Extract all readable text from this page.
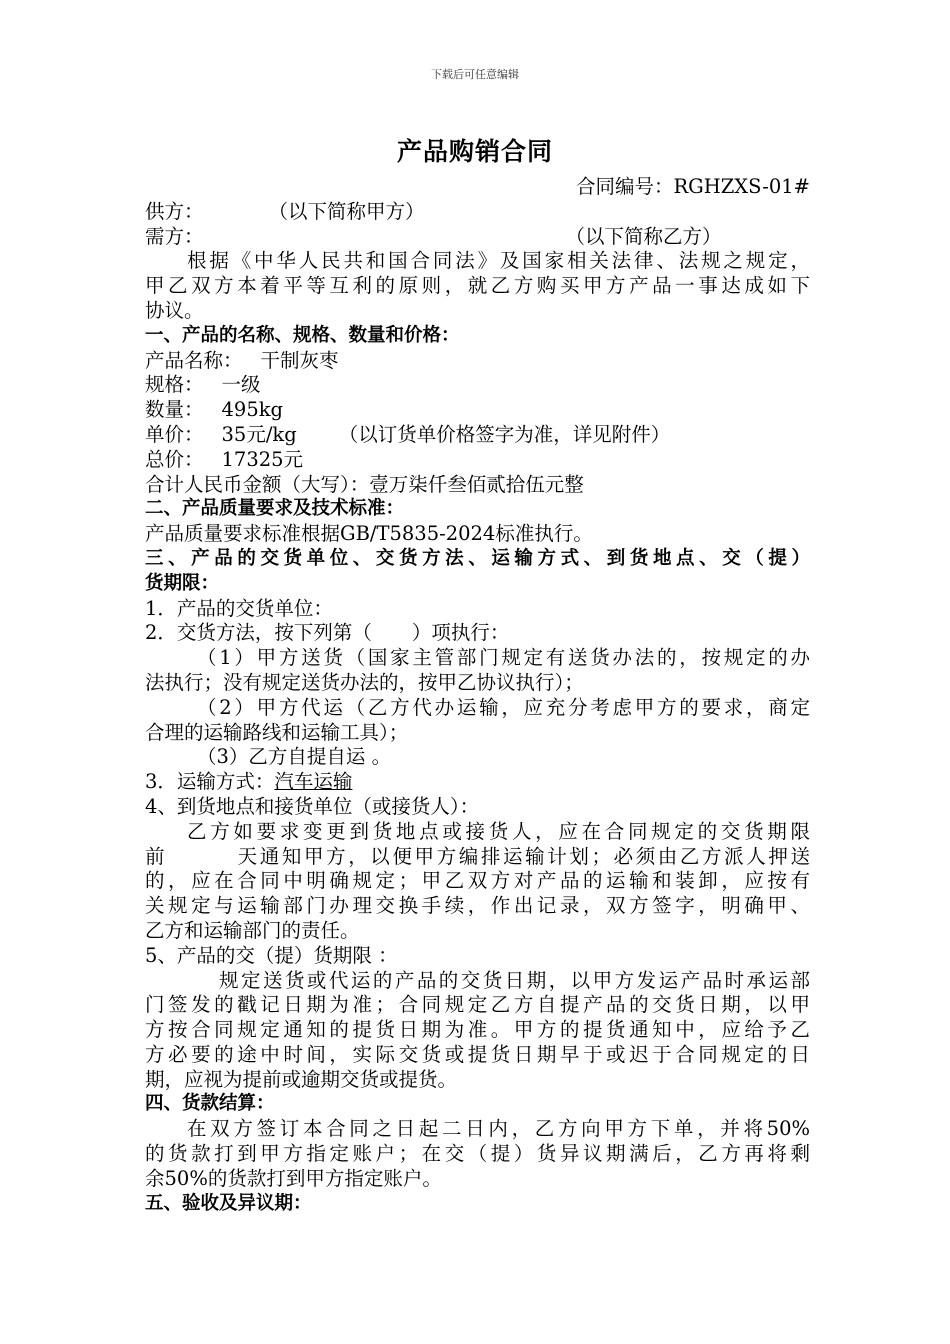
下载后可任意编辑
产品购销合同
合同编号：RGHZXS-01#
供方：	（以下简称甲方）
需方：	（以下简称乙方）
根据《中华人民共和国合同法》及国家相关法律、法规之规定，
甲乙双方本着平等互利的原则，就乙方购买甲方产品一事达成如下
协议。
一、产品的名称、规格、数量和价格：
产品名称： 干制灰枣
规格： 一级
数量： 495kg
单价： 35元/kg （以订货单价格签字为准，详见附件）
总价： 17325元
合计人民币金额（大写）：壹万柒仟叁佰贰拾伍元整
二、产品质量要求及技术标准：
产品质量要求标准根据GB/T5835-2024标准执行。
三、产品的交货单位、交货方法、运输方式、到货地点、交（提）
货期限：
1．产品的交货单位：
2．交货方法，按下列第（ ）项执行：
（1）甲方送货（国家主管部门规定有送货办法的，按规定的办
法执行；没有规定送货办法的，按甲乙协议执行）；
（2）甲方代运（乙方代办运输，应充分考虑甲方的要求，商定
合理的运输路线和运输工具）；
（3）乙方自提自运 。
3．运输方式：汽车运输
4、到货地点和接货单位（或接货人）：
乙方如要求变更到货地点或接货人，应在合同规定的交货期限
前        天通知甲方，以便甲方编排运输计划；必须由乙方派人押送
的，应在合同中明确规定；甲乙双方对产品的运输和装卸，应按有
关规定与运输部门办理交换手续，作出记录，双方签字，明确甲、
乙方和运输部门的责任。
5、产品的交（提）货期限 ：
规定送货或代运的产品的交货日期，以甲方发运产品时承运部
门签发的戳记日期为准；合同规定乙方自提产品的交货日期，以甲
方按合同规定通知的提货日期为准。甲方的提货通知中，应给予乙
方必要的途中时间，实际交货或提货日期早于或迟于合同规定的日
期，应视为提前或逾期交货或提货。
四、货款结算：
在双方签订本合同之日起二日内，乙方向甲方下单，并将50%
的货款打到甲方指定账户；在交（提）货异议期满后，乙方再将剩
余50%的货款打到甲方指定账户。
五、验收及异议期：
